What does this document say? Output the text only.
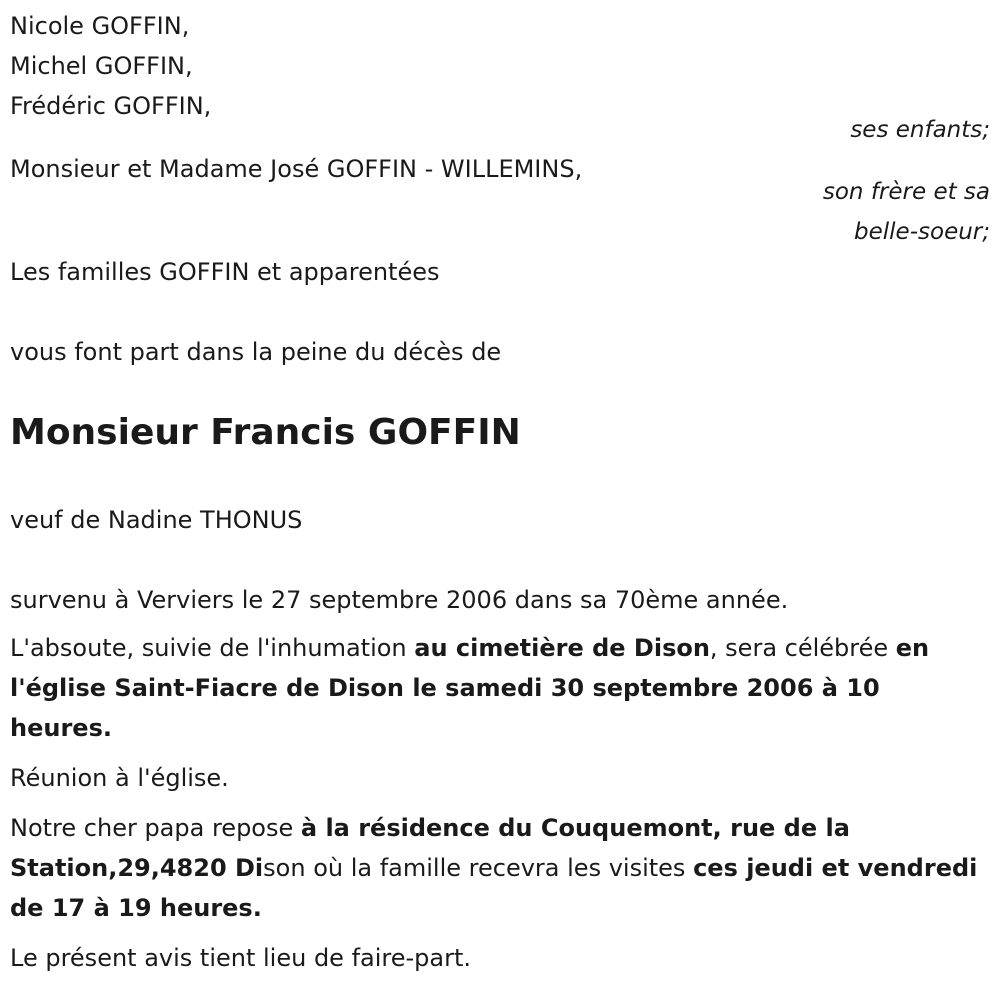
Nicole GOFFIN,
Michel GOFFIN,
Frédéric GOFFIN,
ses enfants;
Monsieur et Madame José GOFFIN - WILLEMINS,
son frère et sa
belle-soeur;
Les familles GOFFIN et apparentées
vous font part dans la peine du décès de
Monsieur Francis GOFFIN
veuf de Nadine THONUS
survenu à Verviers le 27 septembre 2006 dans sa 70ème année.
L'absoute, suivie de l'inhumation au cimetière de Dison, sera célébrée en l'église Saint-Fiacre de Dison le samedi 30 septembre 2006 à 10 heures.
Réunion à l'église.
Notre cher papa repose à la résidence du Couquemont, rue de la Station,29,4820 Dison où la famille recevra les visites ces jeudi et vendredi de 17 à 19 heures.
Le présent avis tient lieu de faire-part.
